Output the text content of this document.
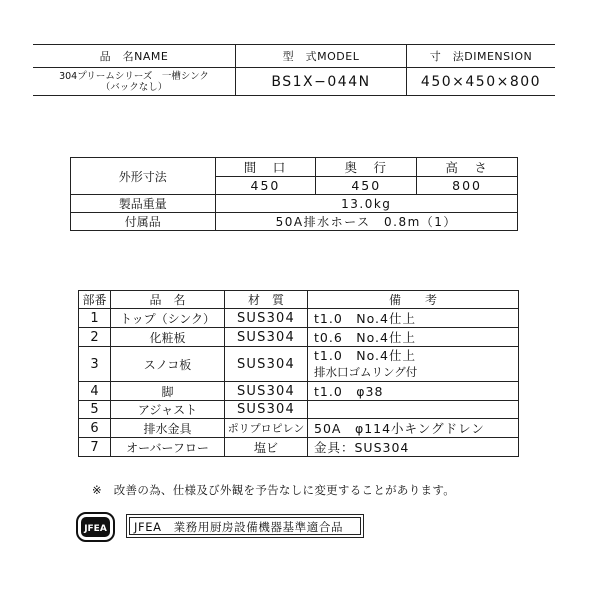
品　名NAME	型　式MODEL	寸　法DIMENSION

304プリームシリーズ　一槽シンク
（バックなし）	BS1X−044N	450×450×800
外形寸法	間　口	奥　行	高　さ
	450	450	800
製品重量	13.0kg		
付属品	50A排水ホース　0.8m（1）		
部番	品　名	材　質	備　　考
1	トップ（シンク）	SUS304	t1.0　No.4仕上
2	化粧板	SUS304	t0.6　No.4仕上
3	スノコ板	SUS304	t1.0　No.4仕上
排水口ゴムリング付

4	脚	SUS304	t1.0　φ38
5	アジャスト	SUS304	
6	排水金具	ポリプロピレン	50A　φ114小キングドレン
7	オーバーフロー	塩ビ	金具：SUS304
※　改善の為、仕様及び外観を予告なしに変更することがあります。
JFEA	JFEA　業務用厨房設備機器基準適合品
